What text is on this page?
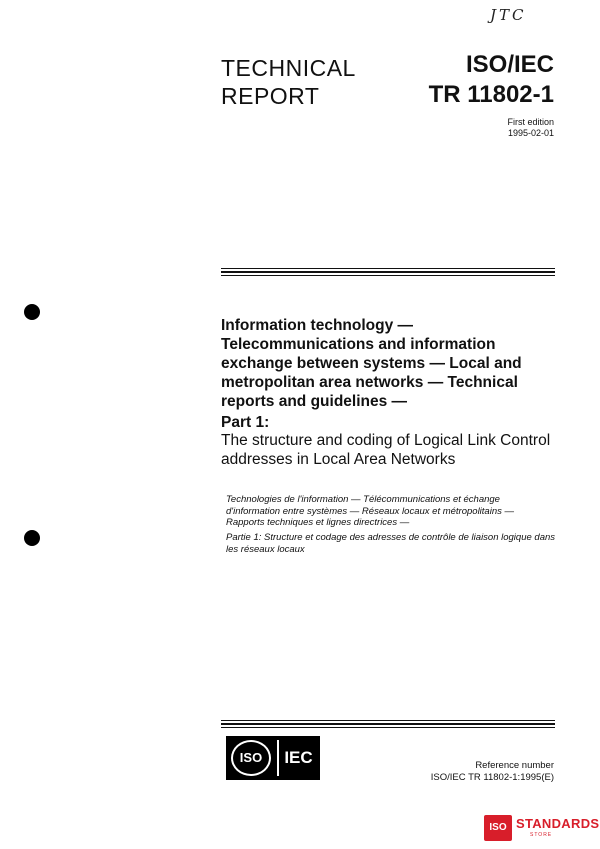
JTC
TECHNICAL
REPORT
ISO/IEC
TR 11802-1
First edition
1995-02-01
Information technology — Telecommunications and information exchange between systems — Local and metropolitan area networks — Technical reports and guidelines —
Part 1:
The structure and coding of Logical Link Control addresses in Local Area Networks
Technologies de l'information — Télécommunications et échange d'information entre systèmes — Réseaux locaux et métropolitains — Rapports techniques et lignes directrices —
Partie 1: Structure et codage des adresses de contrôle de liaison logique dans les réseaux locaux
ISO	IEC	Reference number
ISO/IEC TR 11802-1:1995(E)
ISO STANDARDS
STORE
